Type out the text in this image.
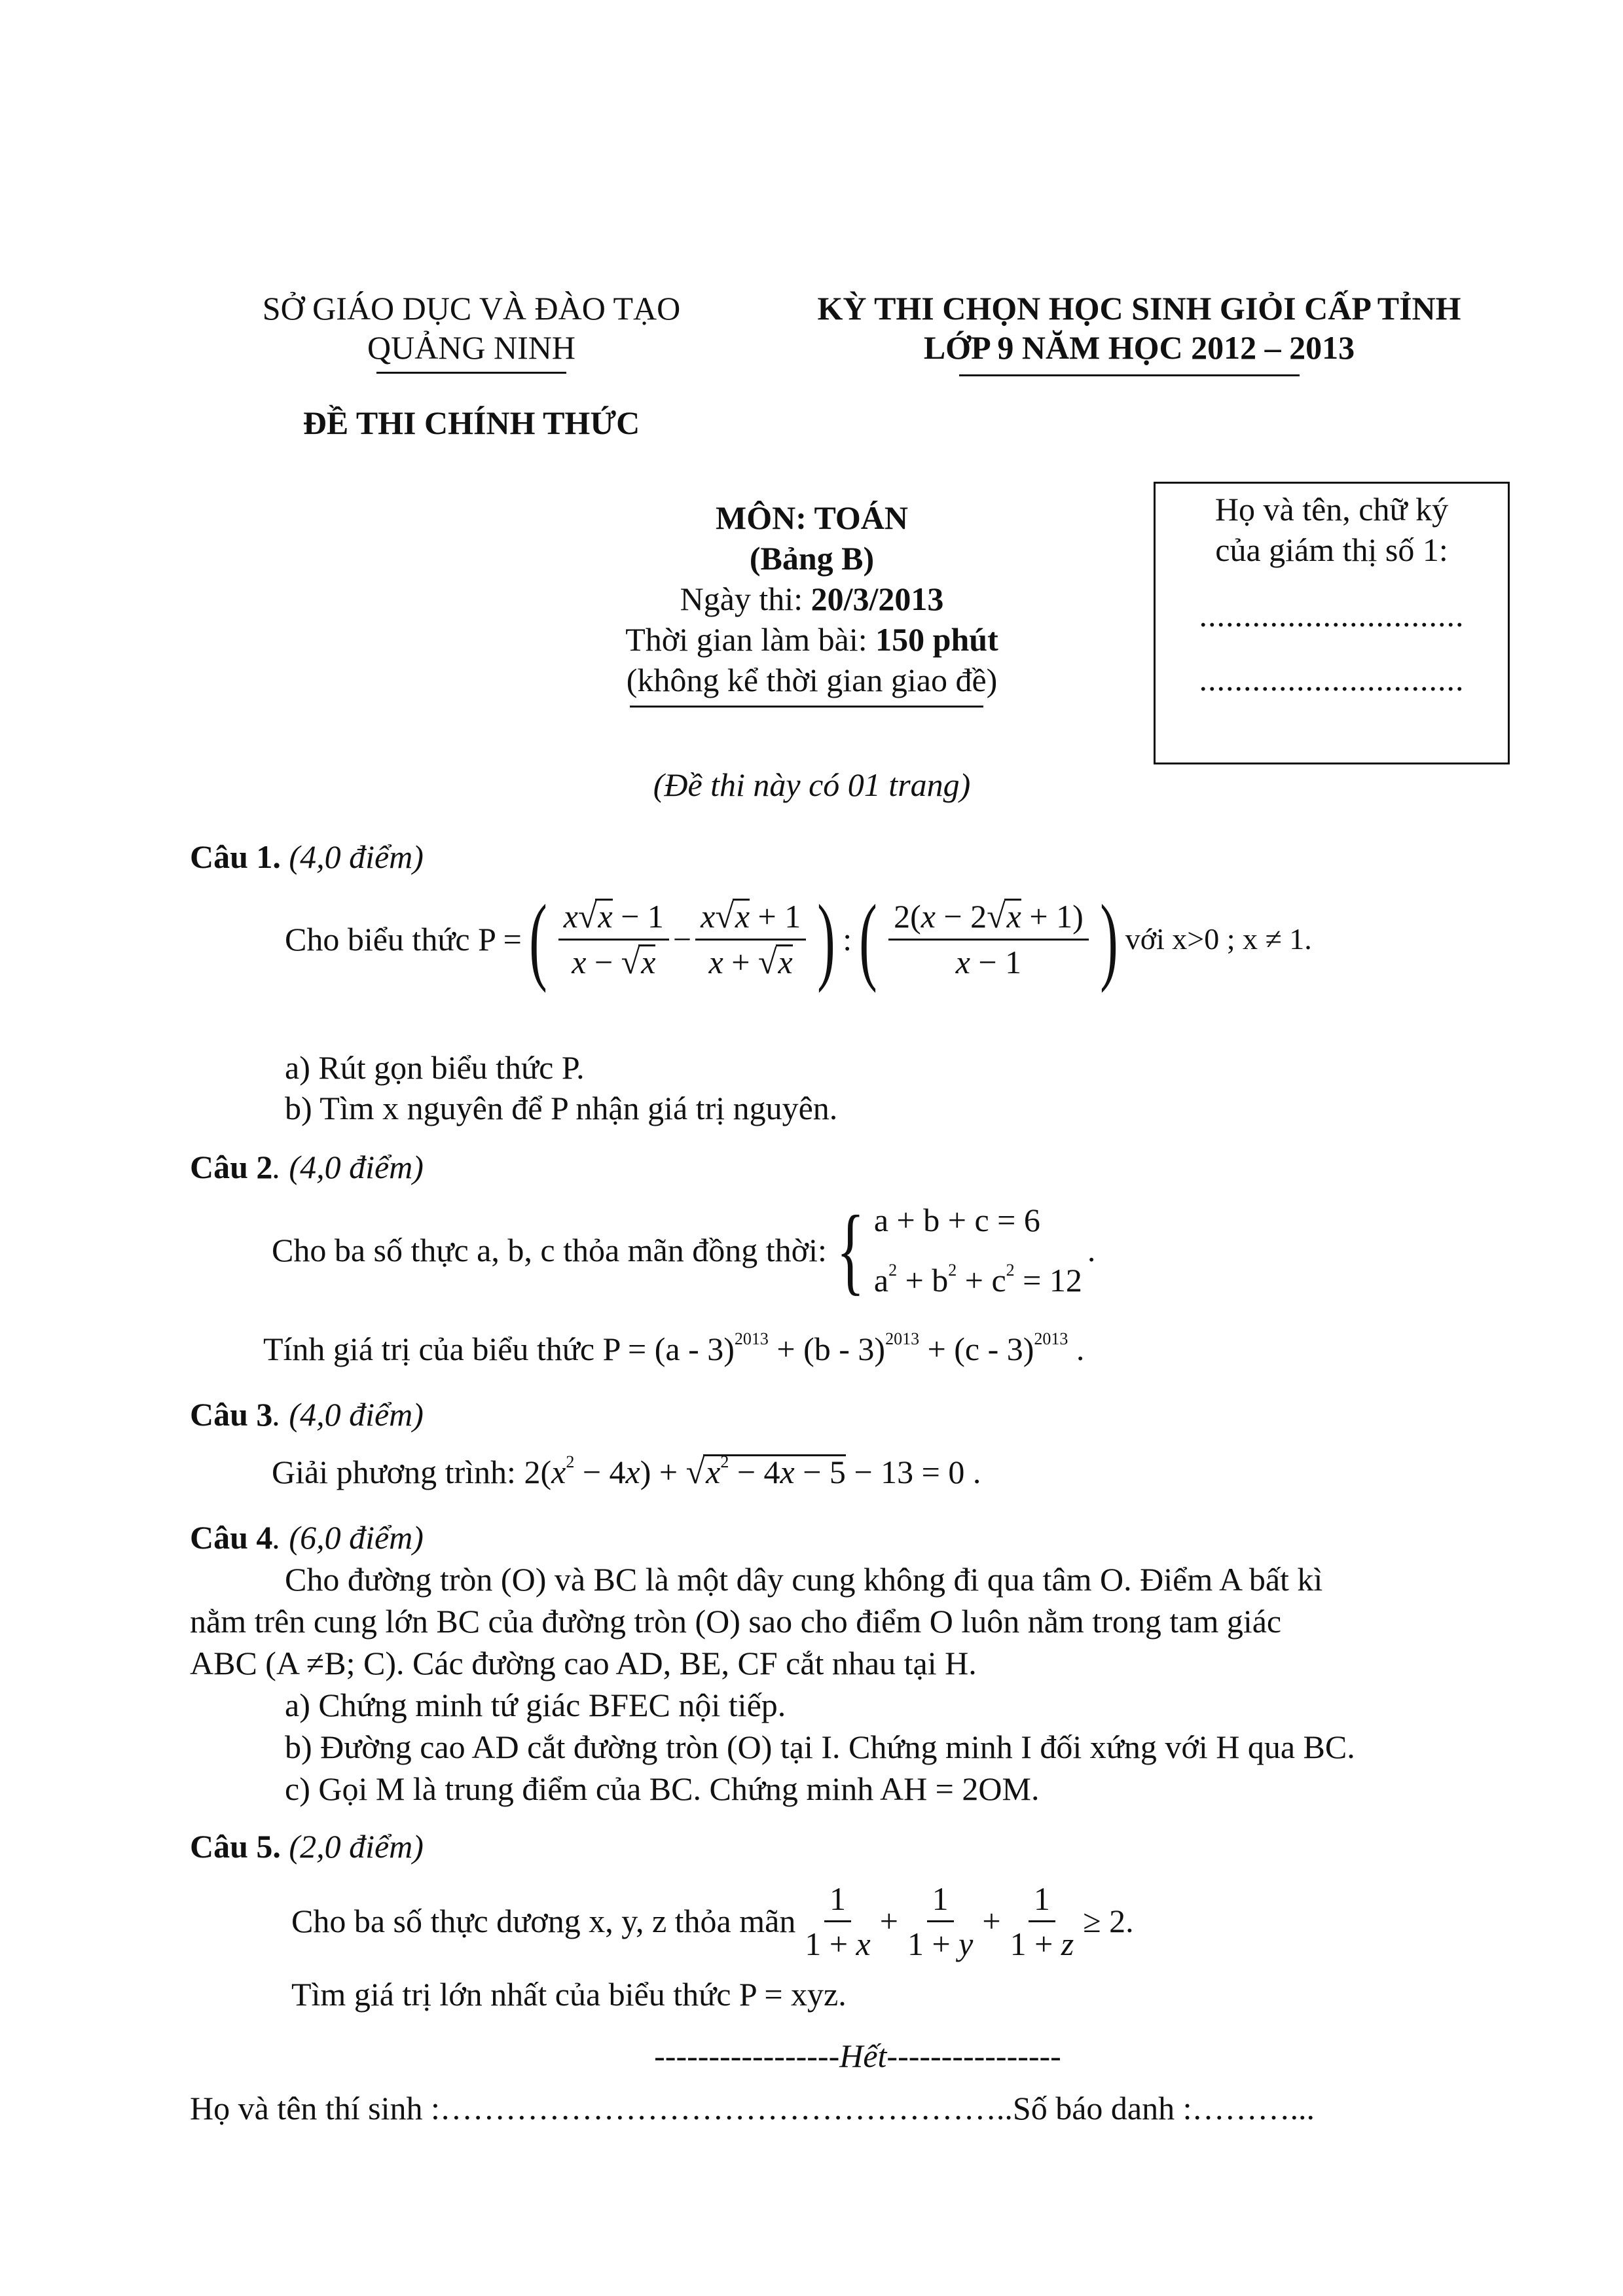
SỞ GIÁO DỤC VÀ ĐÀO TẠO
QUẢNG NINH
KỲ THI CHỌN HỌC SINH GIỎI CẤP TỈNH
LỚP 9 NĂM HỌC 2012 – 2013
ĐỀ THI CHÍNH THỨC
MÔN: TOÁN
(Bảng B)
Ngày thi: 20/3/2013
Thời gian làm bài: 150 phút
(không kể thời gian giao đề)
Họ và tên, chữ ký
của giám thị số 1:
..............................
..............................
(Đề thi này có 01 trang)
Câu 1. (4,0 điểm)
Cho biểu thức P = ( $\frac{x√x - 1}{x - √x} - \frac{x√x + 1}{x + √x}$ ) : ( $\frac{2(x - 2√x + 1)}{x - 1}$ ) với x>0 ; x ≠ 1.
a) Rút gọn biểu thức P.
b) Tìm x nguyên để P nhận giá trị nguyên.
Câu 2. (4,0 điểm)
Cho ba số thực a, b, c thỏa mãn đồng thời: { a + b + c = 6
$a^2 + b^2 + c^2 = 12$
.
Tính giá trị của biểu thức P = (a - 3)$^{2013}$ + (b - 3)$^{2013}$ + (c - 3)$^{2013}$ .
Câu 3. (4,0 điểm)
Giải phương trình: $2(x^2 - 4x) + √x^2 - 4x - 5 - 13 = 0$ .
Câu 4. (6,0 điểm)
Cho đường tròn (O) và BC là một dây cung không đi qua tâm O. Điểm A bất kì
nằm trên cung lớn BC của đường tròn (O) sao cho điểm O luôn nằm trong tam giác
ABC (A ≠B; C). Các đường cao AD, BE, CF cắt nhau tại H.
a) Chứng minh tứ giác BFEC nội tiếp.
b) Đường cao AD cắt đường tròn (O) tại I. Chứng minh I đối xứng với H qua BC.
c) Gọi M là trung điểm của BC. Chứng minh AH = 2OM.
Câu 5. (2,0 điểm)
Cho ba số thực dương x, y, z thỏa mãn $\frac{1}{1 + x} + \frac{1}{1 + y} + \frac{1}{1 + z} \ge 2$.
Tìm giá trị lớn nhất của biểu thức P = xyz.
-----------------Hết----------------
Họ và tên thí sinh :……………………………………………..Số báo danh :………...
